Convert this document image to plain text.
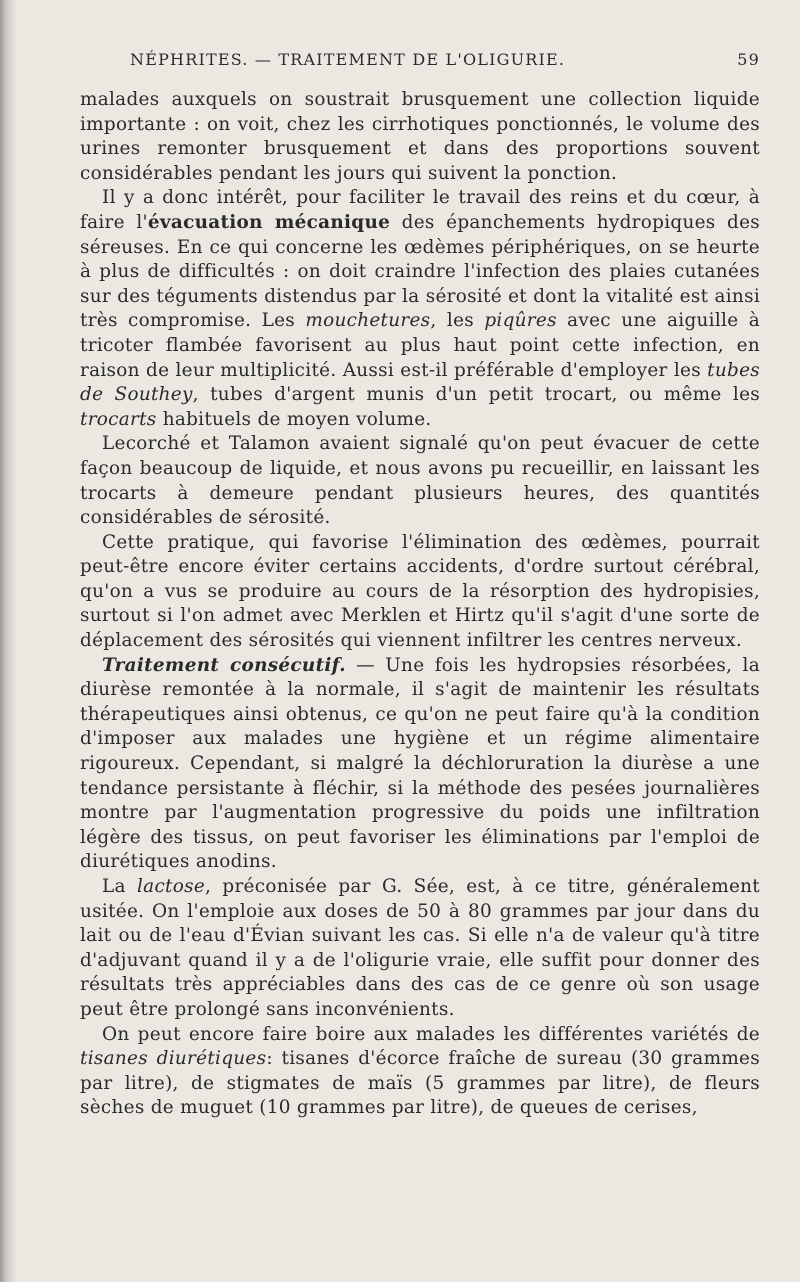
NÉPHRITES. — TRAITEMENT DE L'OLIGURIE.	59

malades auxquels on soustrait brusquement une collection liquide importante : on voit, chez les cirrhotiques ponctionnés, le volume des urines remonter brusquement et dans des proportions souvent considérables pendant les jours qui suivent la ponction.

Il y a donc intérêt, pour faciliter le travail des reins et du cœur, à faire l'évacuation mécanique des épanchements hydropiques des séreuses. En ce qui concerne les œdèmes périphériques, on se heurte à plus de difficultés : on doit craindre l'infection des plaies cutanées sur des téguments distendus par la sérosité et dont la vitalité est ainsi très compromise. Les mouchetures, les piqûres avec une aiguille à tricoter flambée favorisent au plus haut point cette infection, en raison de leur multiplicité. Aussi est-il préférable d'employer les tubes de Southey, tubes d'argent munis d'un petit trocart, ou même les trocarts habituels de moyen volume.

Lecorché et Talamon avaient signalé qu'on peut évacuer de cette façon beaucoup de liquide, et nous avons pu recueillir, en laissant les trocarts à demeure pendant plusieurs heures, des quantités considérables de sérosité.

Cette pratique, qui favorise l'élimination des œdèmes, pourrait peut-être encore éviter certains accidents, d'ordre surtout cérébral, qu'on a vus se produire au cours de la résorption des hydropisies, surtout si l'on admet avec Merklen et Hirtz qu'il s'agit d'une sorte de déplacement des sérosités qui viennent infiltrer les centres nerveux.

Traitement consécutif. — Une fois les hydropsies résorbées, la diurèse remontée à la normale, il s'agit de maintenir les résultats thérapeutiques ainsi obtenus, ce qu'on ne peut faire qu'à la condition d'imposer aux malades une hygiène et un régime alimentaire rigoureux. Cependant, si malgré la déchloruration la diurèse a une tendance persistante à fléchir, si la méthode des pesées journalières montre par l'augmentation progressive du poids une infiltration légère des tissus, on peut favoriser les éliminations par l'emploi de diurétiques anodins.

La lactose, préconisée par G. Sée, est, à ce titre, généralement usitée. On l'emploie aux doses de 50 à 80 grammes par jour dans du lait ou de l'eau d'Évian suivant les cas. Si elle n'a de valeur qu'à titre d'adjuvant quand il y a de l'oligurie vraie, elle suffit pour donner des résultats très appréciables dans des cas de ce genre où son usage peut être prolongé sans inconvénients.

On peut encore faire boire aux malades les différentes variétés de tisanes diurétiques: tisanes d'écorce fraîche de sureau (30 grammes par litre), de stigmates de maïs (5 grammes par litre), de fleurs sèches de muguet (10 grammes par litre), de queues de cerises,
